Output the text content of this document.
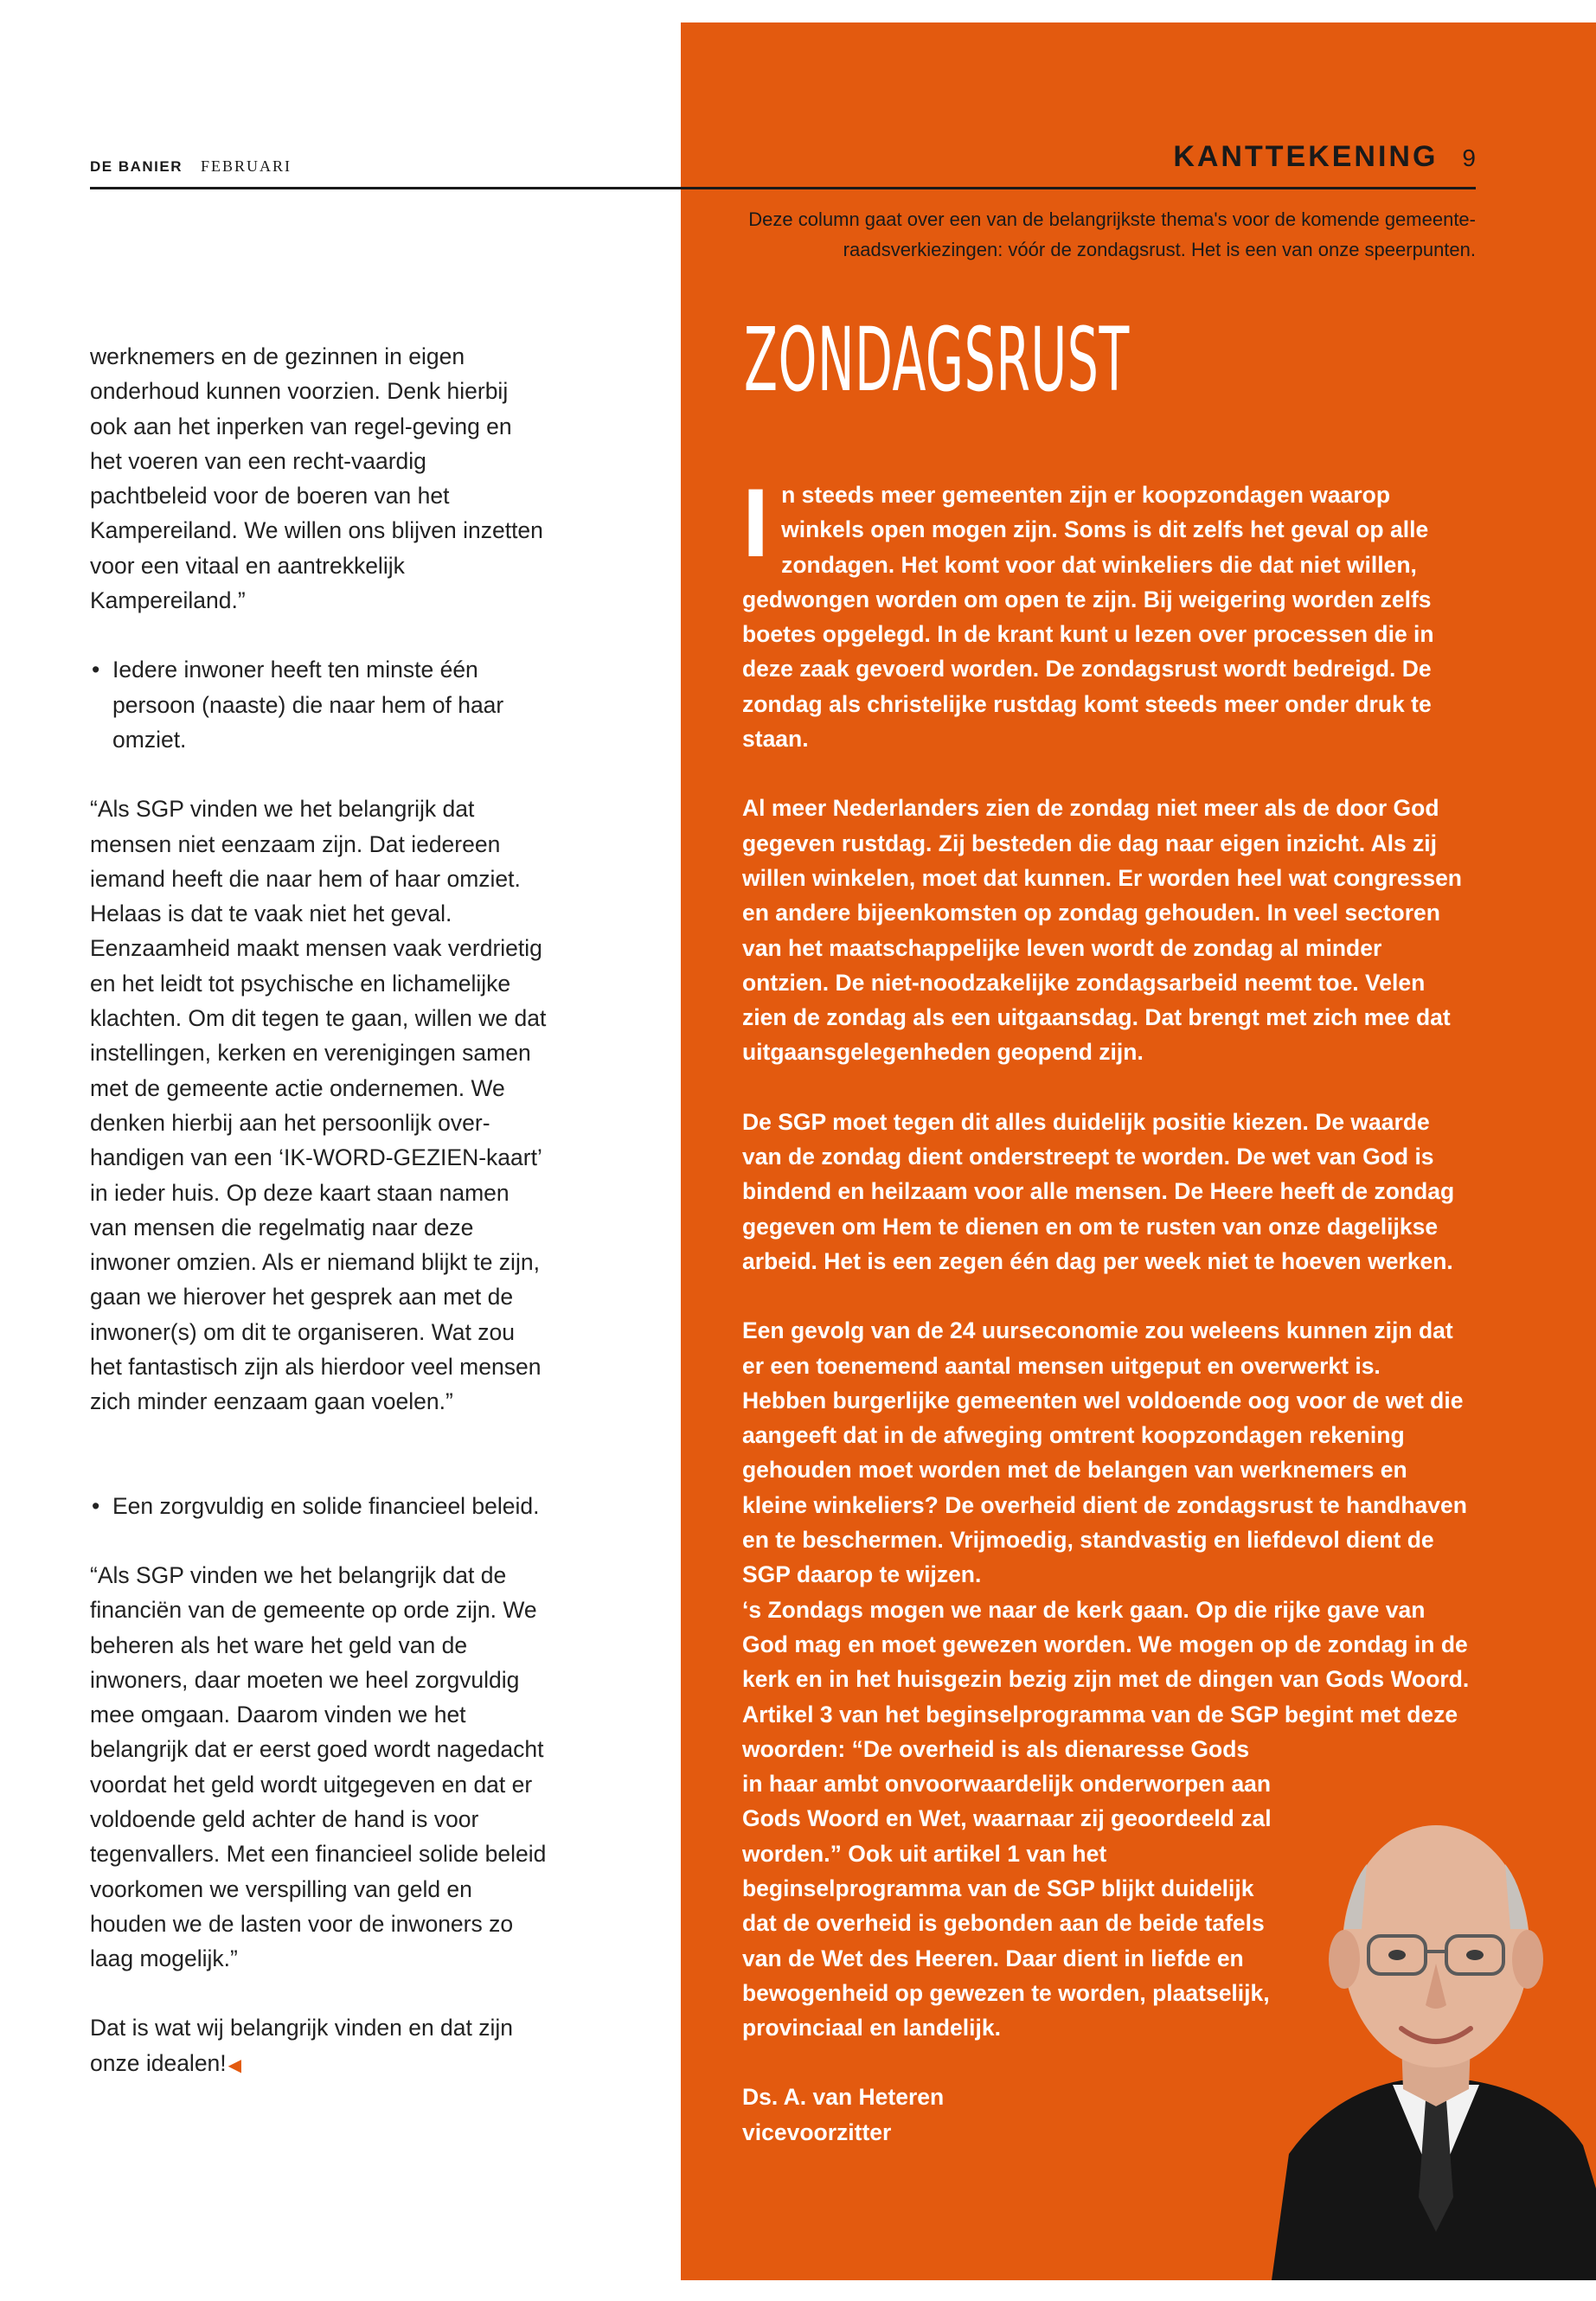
DE BANIER FEBRUARI	KANTTEKENING 9
Deze column gaat over een van de belangrijkste thema's voor de komende gemeente-raadsverkiezingen: vóór de zondagsrust. Het is een van onze speerpunten.

werknemers en de gezinnen in eigen onderhoud kunnen voorzien. Denk hierbij ook aan het inperken van regel-geving en het voeren van een recht-vaardig pachtbeleid voor de boeren van het Kampereiland. We willen ons blijven inzetten voor een vitaal en aantrekkelijk Kampereiland.”

• Iedere inwoner heeft ten minste één persoon (naaste) die naar hem of haar omziet.

“Als SGP vinden we het belangrijk dat mensen niet eenzaam zijn. Dat iedereen iemand heeft die naar hem of haar omziet. Helaas is dat te vaak niet het geval. Eenzaamheid maakt mensen vaak verdrietig en het leidt tot psychische en lichamelijke klachten. Om dit tegen te gaan, willen we dat instellingen, kerken en verenigingen samen met de gemeente actie ondernemen. We denken hierbij aan het persoonlijk over-handigen van een ‘IK-WORD-GEZIEN-kaart’ in ieder huis. Op deze kaart staan namen van mensen die regelmatig naar deze inwoner omzien. Als er niemand blijkt te zijn, gaan we hierover het gesprek aan met de inwoner(s) om dit te organiseren. Wat zou het fantastisch zijn als hierdoor veel mensen zich minder eenzaam gaan voelen.”

• Een zorgvuldig en solide financieel beleid.

“Als SGP vinden we het belangrijk dat de financiën van de gemeente op orde zijn. We beheren als het ware het geld van de inwoners, daar moeten we heel zorgvuldig mee omgaan. Daarom vinden we het belangrijk dat er eerst goed wordt nagedacht voordat het geld wordt uitgegeven en dat er voldoende geld achter de hand is voor tegenvallers. Met een financieel solide beleid voorkomen we verspilling van geld en houden we de lasten voor de inwoners zo laag mogelijk.”

Dat is wat wij belangrijk vinden en dat zijn onze idealen! ◀

ZONDAGSRUST

In steeds meer gemeenten zijn er koopzondagen waarop winkels open mogen zijn. Soms is dit zelfs het geval op alle zondagen. Het komt voor dat winkeliers die dat niet willen, gedwongen worden om open te zijn. Bij weigering worden zelfs boetes opgelegd. In de krant kunt u lezen over processen die in deze zaak gevoerd worden. De zondagsrust wordt bedreigd. De zondag als christelijke rustdag komt steeds meer onder druk te staan.

Al meer Nederlanders zien de zondag niet meer als de door God gegeven rustdag. Zij besteden die dag naar eigen inzicht. Als zij willen winkelen, moet dat kunnen. Er worden heel wat congressen en andere bijeenkomsten op zondag gehouden. In veel sectoren van het maatschappelijke leven wordt de zondag al minder ontzien. De niet-noodzakelijke zondagsarbeid neemt toe. Velen zien de zondag als een uitgaansdag. Dat brengt met zich mee dat uitgaansgelegenheden geopend zijn.

De SGP moet tegen dit alles duidelijk positie kiezen. De waarde van de zondag dient onderstreept te worden. De wet van God is bindend en heilzaam voor alle mensen. De Heere heeft de zondag gegeven om Hem te dienen en om te rusten van onze dagelijkse arbeid. Het is een zegen één dag per week niet te hoeven werken.

Een gevolg van de 24 uurseconomie zou weleens kunnen zijn dat er een toenemend aantal mensen uitgeput en overwerkt is. Hebben burgerlijke gemeenten wel voldoende oog voor de wet die aangeeft dat in de afweging omtrent koopzondagen rekening gehouden moet worden met de belangen van werknemers en kleine winkeliers? De overheid dient de zondagsrust te handhaven en te beschermen. Vrijmoedig, standvastig en liefdevol dient de SGP daarop te wijzen.

‘s Zondags mogen we naar de kerk gaan. Op die rijke gave van God mag en moet gewezen worden. We mogen op de zondag in de kerk en in het huisgezin bezig zijn met de dingen van Gods Woord. Artikel 3 van het beginselprogramma van de SGP begint met deze woorden: “De overheid is als dienaresse Gods

in haar ambt onvoorwaardelijk onderworpen aan Gods Woord en Wet, waarnaar zij geoordeeld zal worden.” Ook uit artikel 1 van het beginselprogramma van de SGP blijkt duidelijk dat de overheid is gebonden aan de beide tafels van de Wet des Heeren. Daar dient in liefde en bewogenheid op gewezen te worden, plaatselijk, provinciaal en landelijk.

Ds. A. van Heteren

vicevoorzitter
